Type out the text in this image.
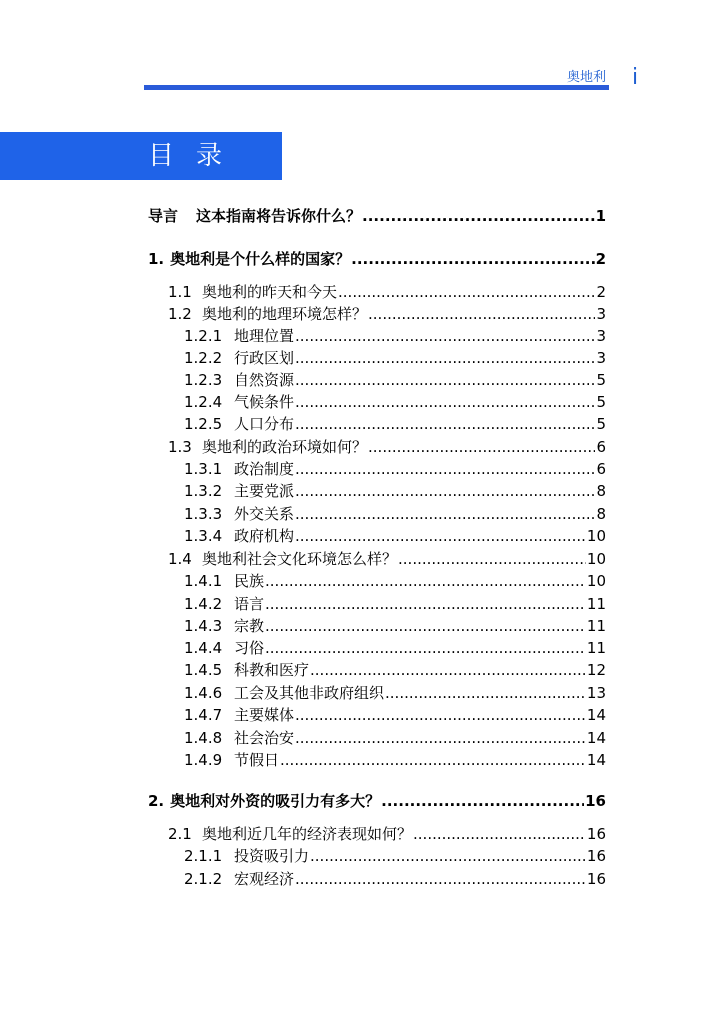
奥地利 i
目录
导言 这本指南将告诉你什么？ .....	1
1. 奥地利是个什么样的国家？ .....	2
1.1 奥地利的昨天和今天 .....	2
1.2 奥地利的地理环境怎样？ .....	3
1.2.1 地理位置 .....	3
1.2.2 行政区划 .....	3
1.2.3 自然资源 .....	5
1.2.4 气候条件 .....	5
1.2.5 人口分布 .....	5
1.3 奥地利的政治环境如何？ .....	6
1.3.1 政治制度 .....	6
1.3.2 主要党派 .....	8
1.3.3 外交关系 .....	8
1.3.4 政府机构 .....	10
1.4 奥地利社会文化环境怎么样？ .....	10
1.4.1 民族 .....	10
1.4.2 语言 .....	11
1.4.3 宗教 .....	11
1.4.4 习俗 .....	11
1.4.5 科教和医疗 .....	12
1.4.6 工会及其他非政府组织 .....	13
1.4.7 主要媒体 .....	14
1.4.8 社会治安 .....	14
1.4.9 节假日 .....	14
2. 奥地利对外资的吸引力有多大？ .....	16
2.1 奥地利近几年的经济表现如何？ .....	16
2.1.1 投资吸引力 .....	16
2.1.2 宏观经济 .....	16
